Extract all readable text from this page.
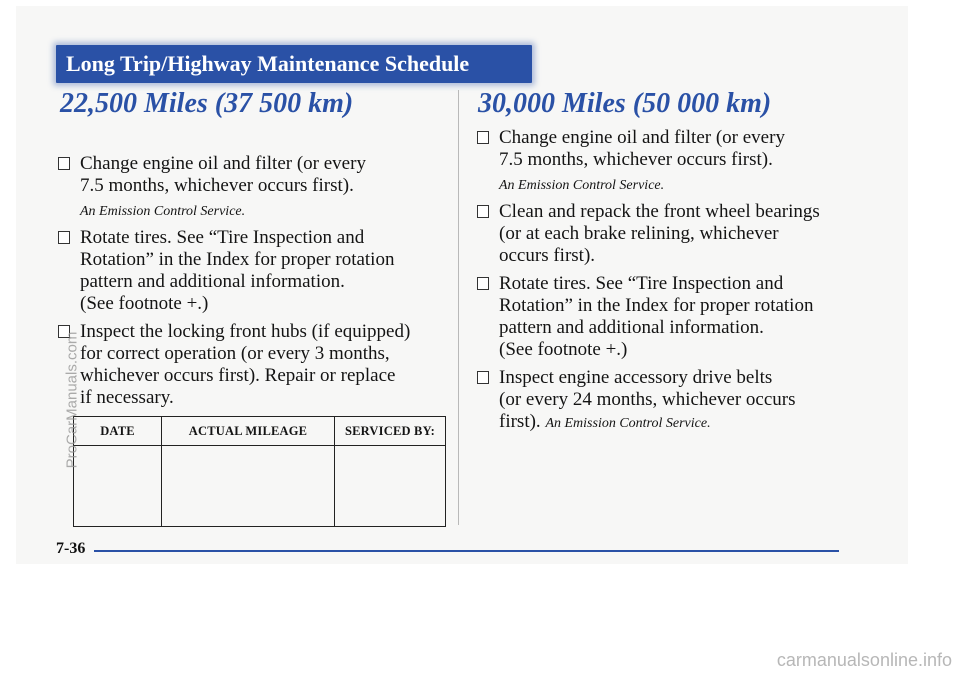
Long Trip/Highway Maintenance Schedule
22,500 Miles (37 500 km)	30,000 Miles (50 000 km)
Change engine oil and filter (or every
7.5 months, whichever occurs first).
An Emission Control Service.
Rotate tires. See “Tire Inspection and
Rotation” in the Index for proper rotation
pattern and additional information.
(See footnote +.)
Inspect the locking front hubs (if equipped)
for correct operation (or every 3 months,
whichever occurs first). Repair or replace
if necessary.
DATE	ACTUAL MILEAGE	SERVICED BY:

Change engine oil and filter (or every
7.5 months, whichever occurs first).
An Emission Control Service.
Clean and repack the front wheel bearings
(or at each brake relining, whichever
occurs first).
Rotate tires. See “Tire Inspection and
Rotation” in the Index for proper rotation
pattern and additional information.
(See footnote +.)
Inspect engine accessory drive belts
(or every 24 months, whichever occurs
first). An Emission Control Service.
7-36
ProCarManuals.com
carmanualsonline.info
